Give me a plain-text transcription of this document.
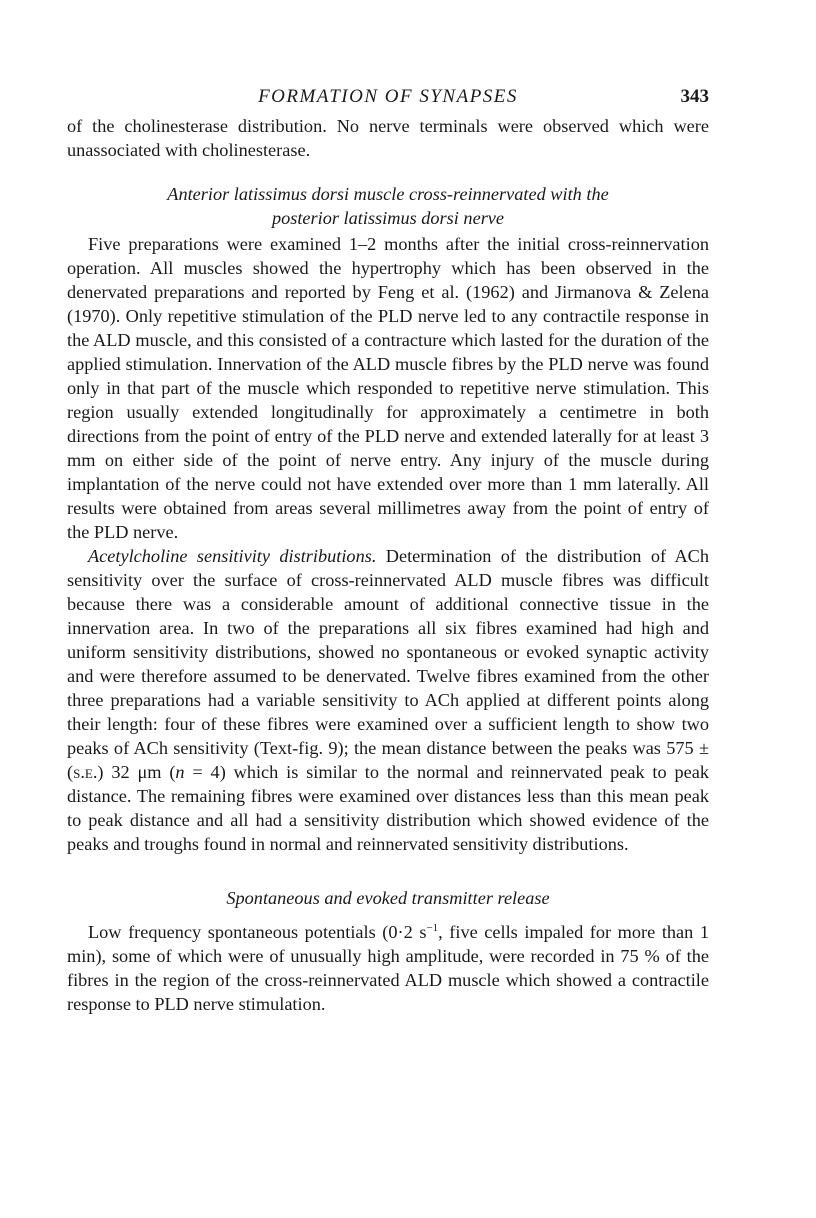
FORMATION OF SYNAPSES	343

of the cholinesterase distribution. No nerve terminals were observed which were unassociated with cholinesterase.

Anterior latissimus dorsi muscle cross-reinnervated with the
posterior latissimus dorsi nerve

Five preparations were examined 1–2 months after the initial cross-reinnervation operation. All muscles showed the hypertrophy which has been observed in the denervated preparations and reported by Feng et al. (1962) and Jirmanova & Zelena (1970). Only repetitive stimulation of the PLD nerve led to any contractile response in the ALD muscle, and this consisted of a contracture which lasted for the duration of the applied stimulation. Innervation of the ALD muscle fibres by the PLD nerve was found only in that part of the muscle which responded to repetitive nerve stimulation. This region usually extended longitudinally for approximately a centimetre in both directions from the point of entry of the PLD nerve and extended laterally for at least 3 mm on either side of the point of nerve entry. Any injury of the muscle during implantation of the nerve could not have extended over more than 1 mm laterally. All results were obtained from areas several millimetres away from the point of entry of the PLD nerve.

Acetylcholine sensitivity distributions. Determination of the distribution of ACh sensitivity over the surface of cross-reinnervated ALD muscle fibres was difficult because there was a considerable amount of additional connective tissue in the innervation area. In two of the preparations all six fibres examined had high and uniform sensitivity distributions, showed no spontaneous or evoked synaptic activity and were therefore assumed to be denervated. Twelve fibres examined from the other three preparations had a variable sensitivity to ACh applied at different points along their length: four of these fibres were examined over a sufficient length to show two peaks of ACh sensitivity (Text-fig. 9); the mean distance between the peaks was 575 ± (s.e.) 32 μm (n = 4) which is similar to the normal and reinnervated peak to peak distance. The remaining fibres were examined over distances less than this mean peak to peak distance and all had a sensitivity distribution which showed evidence of the peaks and troughs found in normal and reinnervated sensitivity distributions.

Spontaneous and evoked transmitter release

Low frequency spontaneous potentials (0·2 $s^{-1}$, five cells impaled for more than 1 min), some of which were of unusually high amplitude, were recorded in 75 % of the fibres in the region of the cross-reinnervated ALD muscle which showed a contractile response to PLD nerve stimulation.
